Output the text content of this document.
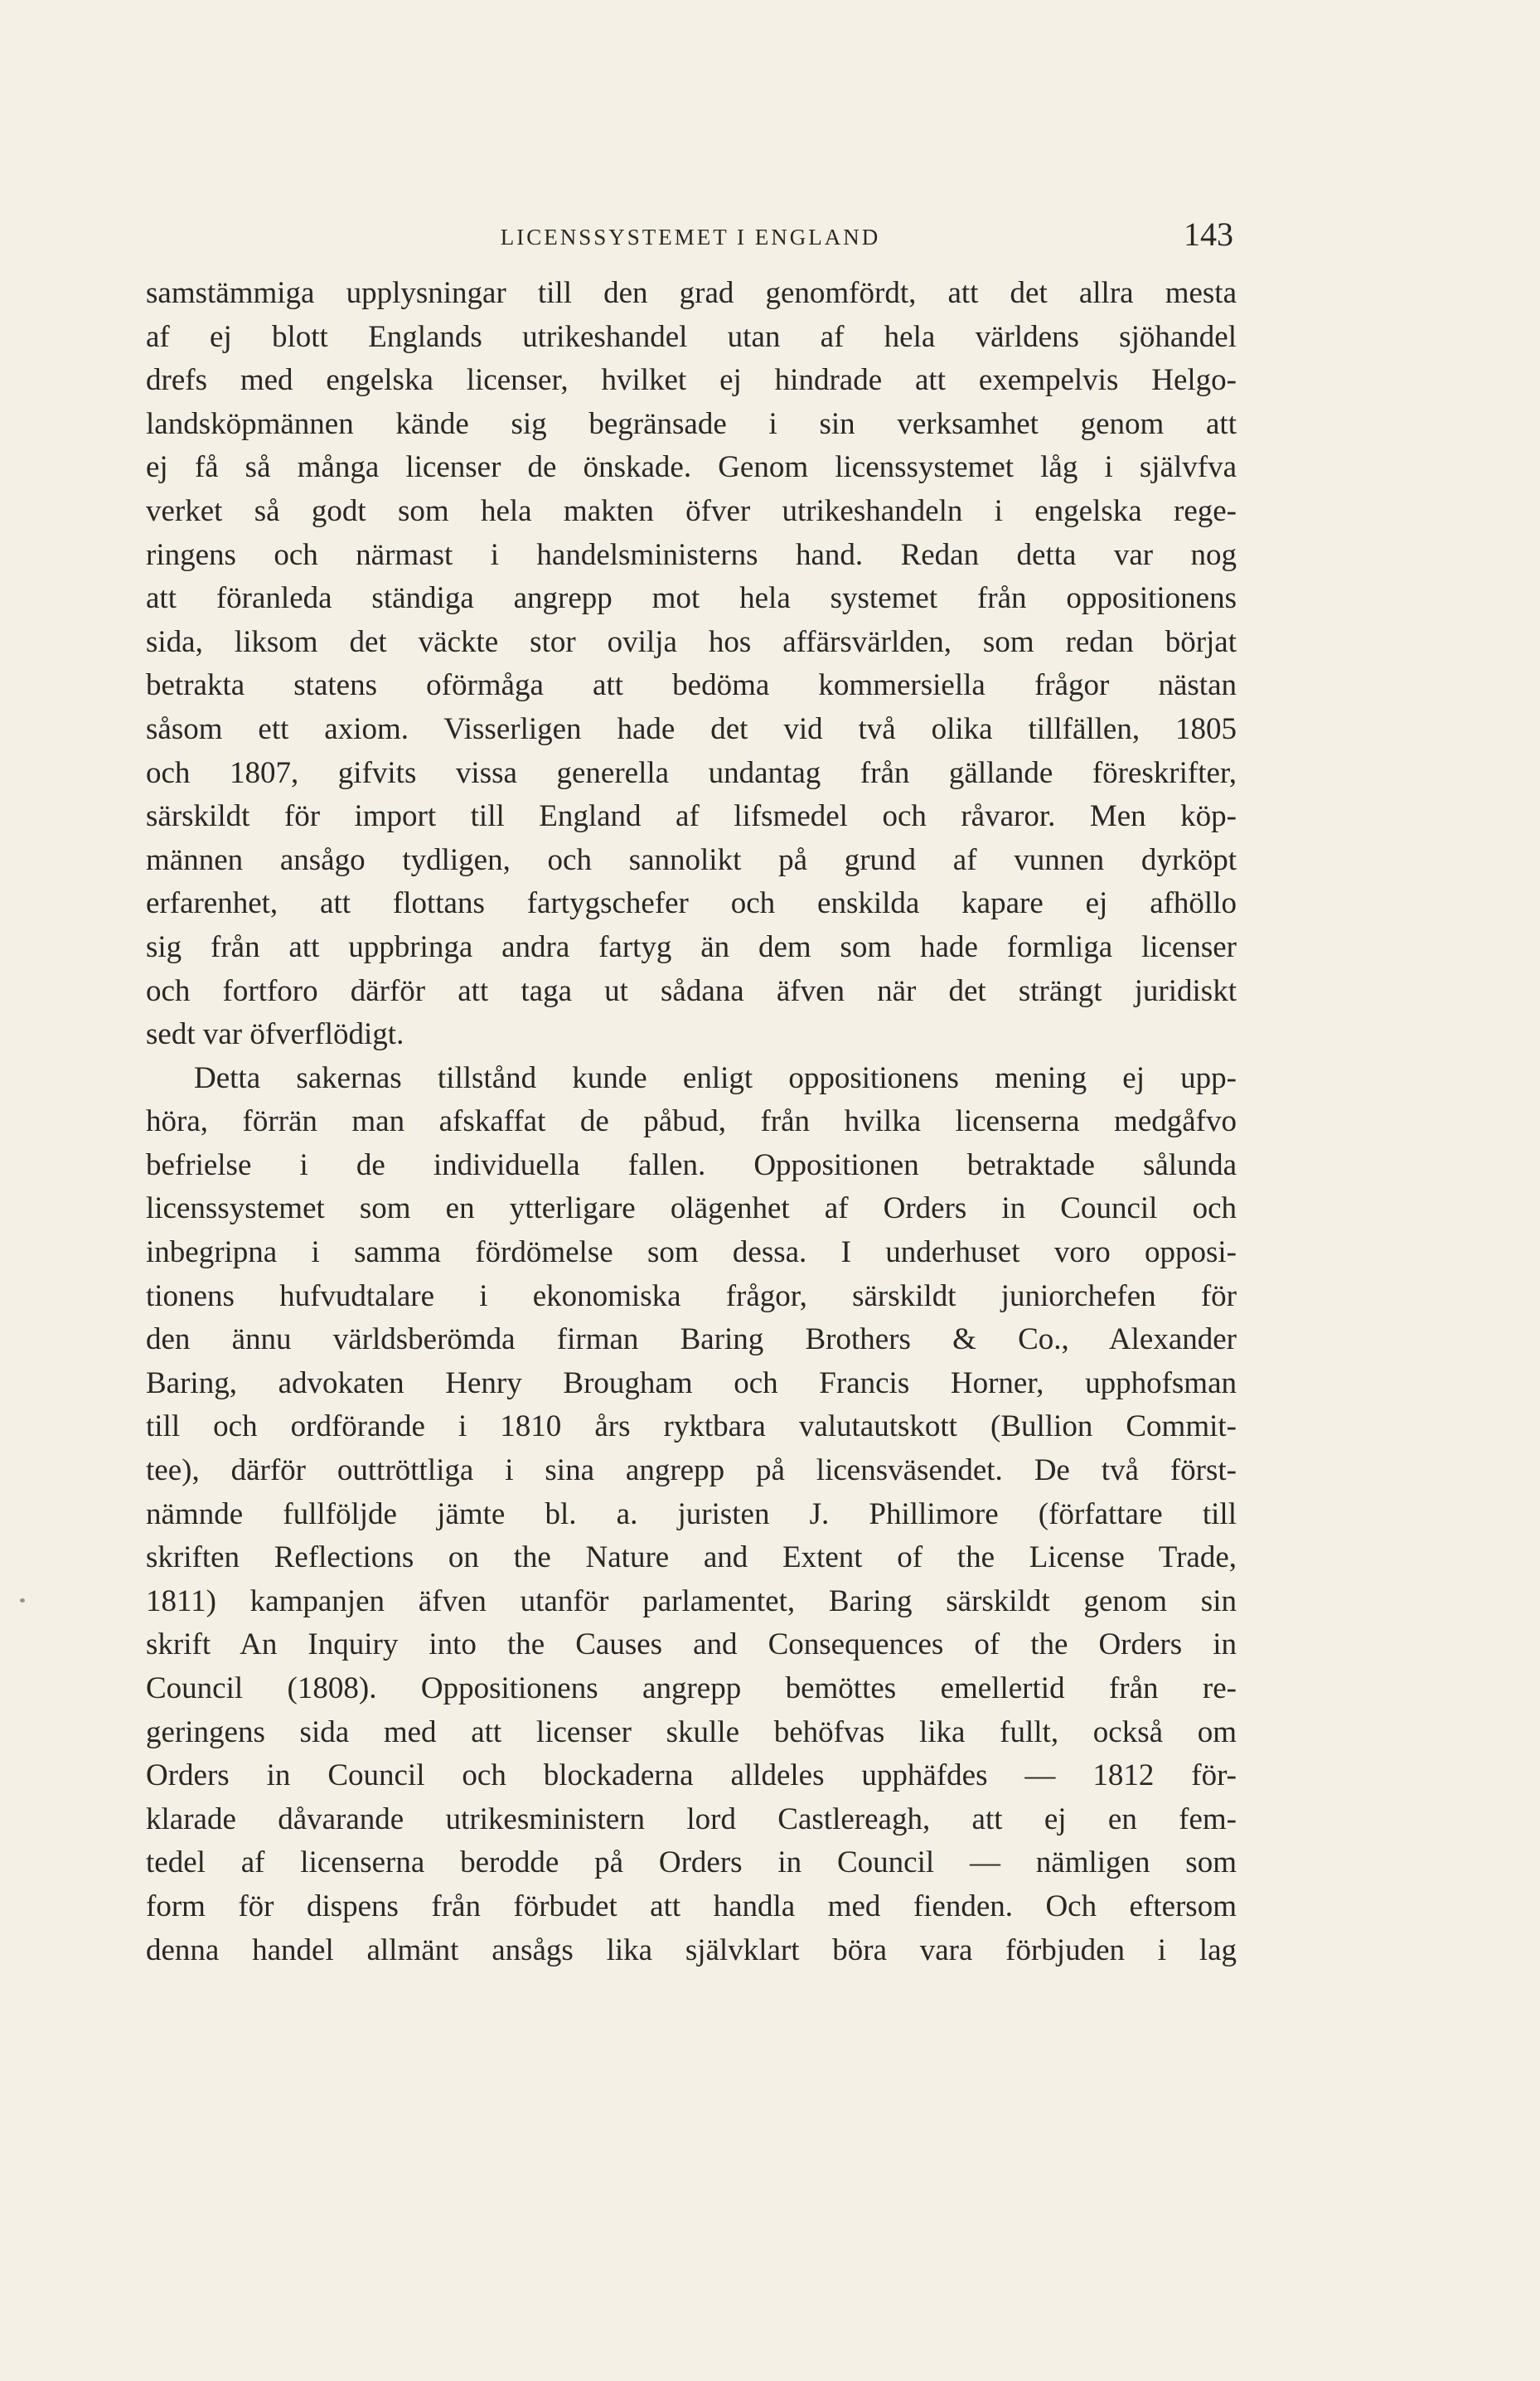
LICENSSYSTEMET I ENGLAND	143
samstämmiga upplysningar till den grad genomfördt, att det allra mesta
af ej blott Englands utrikeshandel utan af hela världens sjöhandel
drefs med engelska licenser, hvilket ej hindrade att exempelvis Helgo-
landsköpmännen kände sig begränsade i sin verksamhet genom att
ej få så många licenser de önskade. Genom licenssystemet låg i självfva
verket så godt som hela makten öfver utrikeshandeln i engelska rege-
ringens och närmast i handelsministerns hand. Redan detta var nog
att föranleda ständiga angrepp mot hela systemet från oppositionens
sida, liksom det väckte stor ovilja hos affärsvärlden, som redan börjat
betrakta statens oförmåga att bedöma kommersiella frågor nästan
såsom ett axiom. Visserligen hade det vid två olika tillfällen, 1805
och 1807, gifvits vissa generella undantag från gällande föreskrifter,
särskildt för import till England af lifsmedel och råvaror. Men köp-
männen ansågo tydligen, och sannolikt på grund af vunnen dyrköpt
erfarenhet, att flottans fartygschefer och enskilda kapare ej afhöllo
sig från att uppbringa andra fartyg än dem som hade formliga licenser
och fortforo därför att taga ut sådana äfven när det strängt juridiskt
sedt var öfverflödigt.
Detta sakernas tillstånd kunde enligt oppositionens mening ej upp-
höra, förrän man afskaffat de påbud, från hvilka licenserna medgåfvo
befrielse i de individuella fallen. Oppositionen betraktade sålunda
licenssystemet som en ytterligare olägenhet af Orders in Council och
inbegripna i samma fördömelse som dessa. I underhuset voro opposi-
tionens hufvudtalare i ekonomiska frågor, särskildt juniorchefen för
den ännu världsberömda firman Baring Brothers & Co., Alexander
Baring, advokaten Henry Brougham och Francis Horner, upphofsman
till och ordförande i 1810 års ryktbara valutautskott (Bullion Commit-
tee), därför outtröttliga i sina angrepp på licensväsendet. De två först-
nämnde fullföljde jämte bl. a. juristen J. Phillimore (författare till
skriften Reflections on the Nature and Extent of the License Trade,
1811) kampanjen äfven utanför parlamentet, Baring särskildt genom sin
skrift An Inquiry into the Causes and Consequences of the Orders in
Council (1808). Oppositionens angrepp bemöttes emellertid från re-
geringens sida med att licenser skulle behöfvas lika fullt, också om
Orders in Council och blockaderna alldeles upphäfdes — 1812 för-
klarade dåvarande utrikesministern lord Castlereagh, att ej en fem-
tedel af licenserna berodde på Orders in Council — nämligen som
form för dispens från förbudet att handla med fienden. Och eftersom
denna handel allmänt ansågs lika självklart böra vara förbjuden i lag
